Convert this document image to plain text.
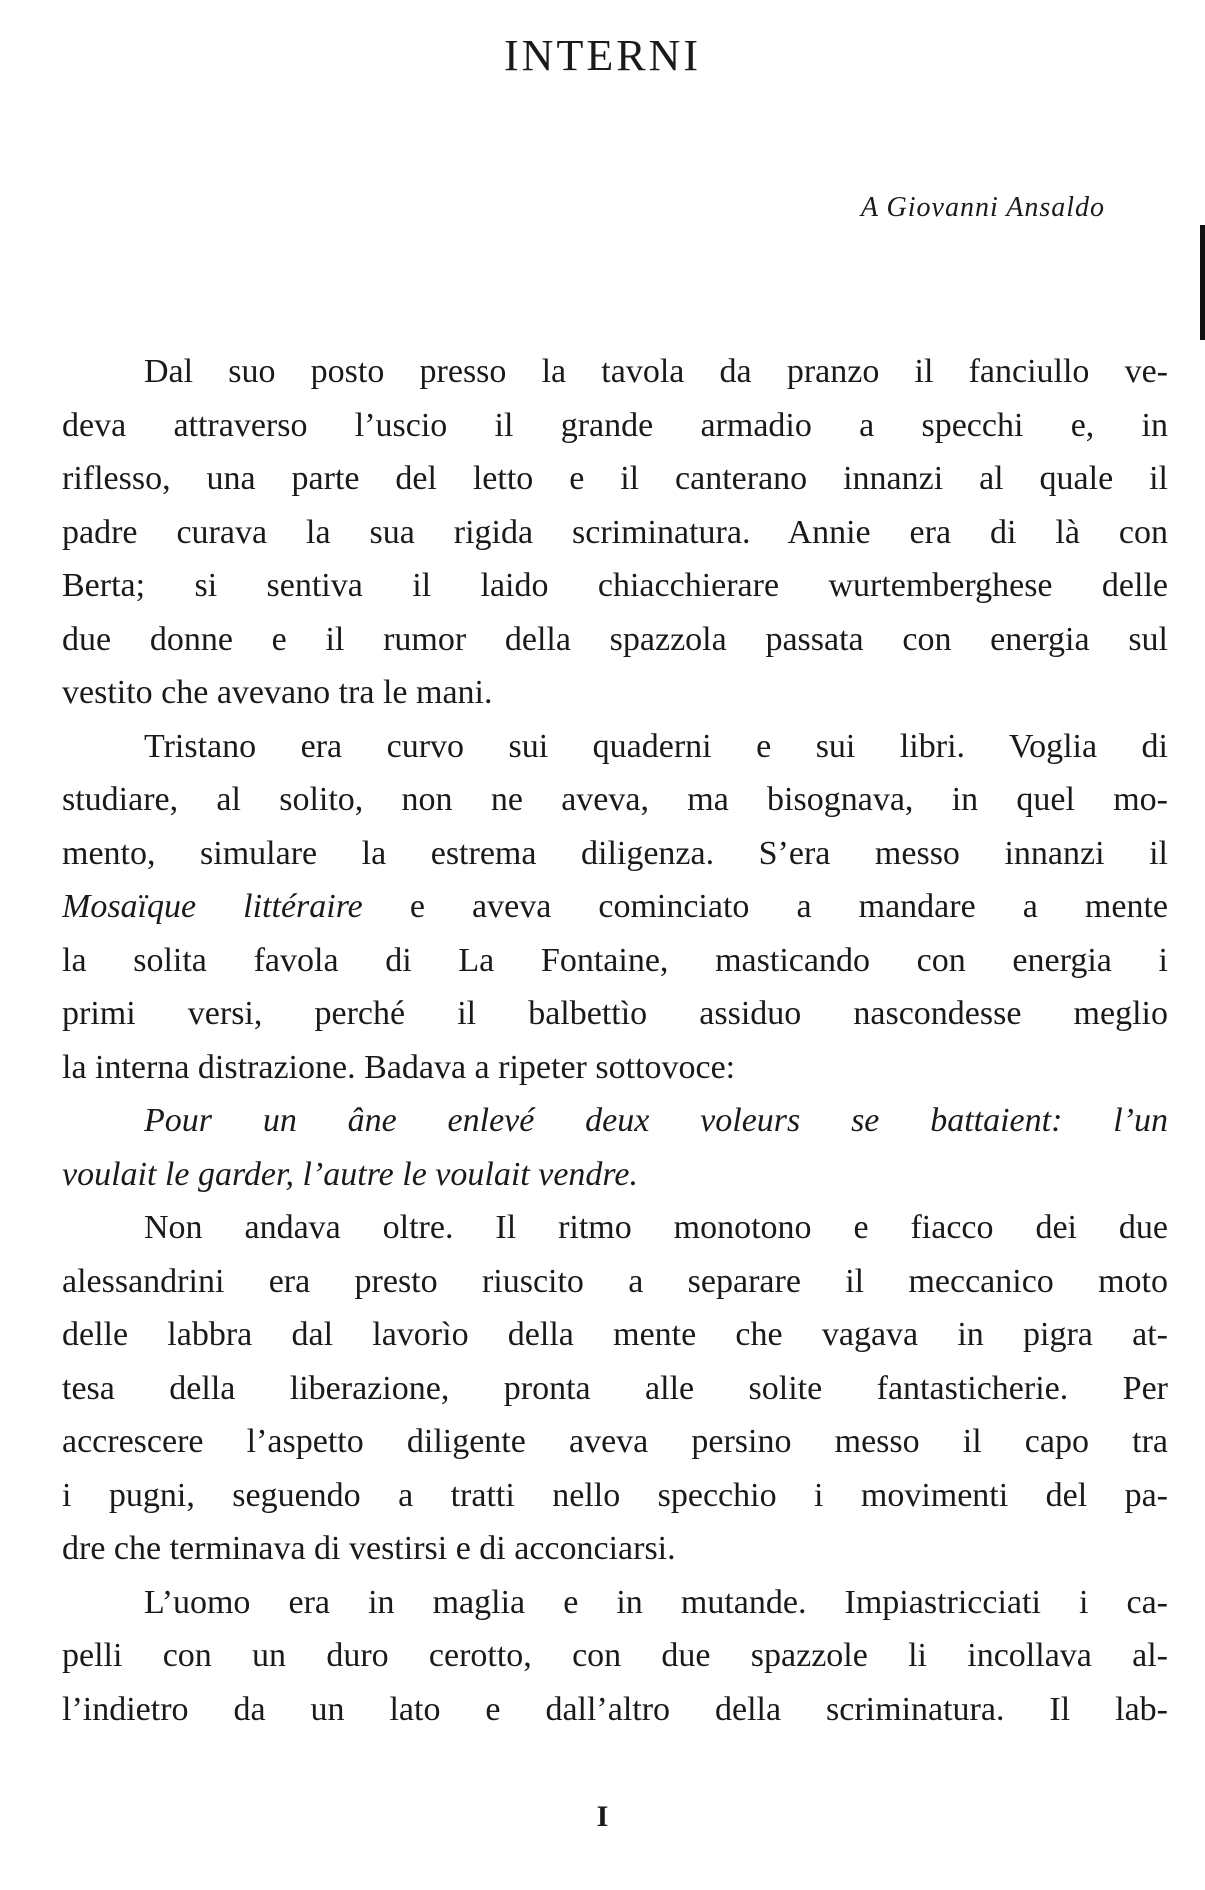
INTERNI

A Giovanni Ansaldo

Dal suo posto presso la tavola da pranzo il fanciullo ve-
deva attraverso l’uscio il grande armadio a specchi e, in
riflesso, una parte del letto e il canterano innanzi al quale il
padre curava la sua rigida scriminatura. Annie era di là con
Berta; si sentiva il laido chiacchierare wurtemberghese delle
due donne e il rumor della spazzola passata con energia sul
vestito che avevano tra le mani.
Tristano era curvo sui quaderni e sui libri. Voglia di
studiare, al solito, non ne aveva, ma bisognava, in quel mo-
mento, simulare la estrema diligenza. S’era messo innanzi il
Mosaïque littéraire e aveva cominciato a mandare a mente
la solita favola di La Fontaine, masticando con energia i
primi versi, perché il balbettìo assiduo nascondesse meglio
la interna distrazione. Badava a ripeter sottovoce:
Pour un âne enlevé deux voleurs se battaient: l’un
voulait le garder, l’autre le voulait vendre.
Non andava oltre. Il ritmo monotono e fiacco dei due
alessandrini era presto riuscito a separare il meccanico moto
delle labbra dal lavorìo della mente che vagava in pigra at-
tesa della liberazione, pronta alle solite fantasticherie. Per
accrescere l’aspetto diligente aveva persino messo il capo tra
i pugni, seguendo a tratti nello specchio i movimenti del pa-
dre che terminava di vestirsi e di acconciarsi.
L’uomo era in maglia e in mutande. Impiastricciati i ca-
pelli con un duro cerotto, con due spazzole li incollava al-
l’indietro da un lato e dall’altro della scriminatura. Il lab-

I
